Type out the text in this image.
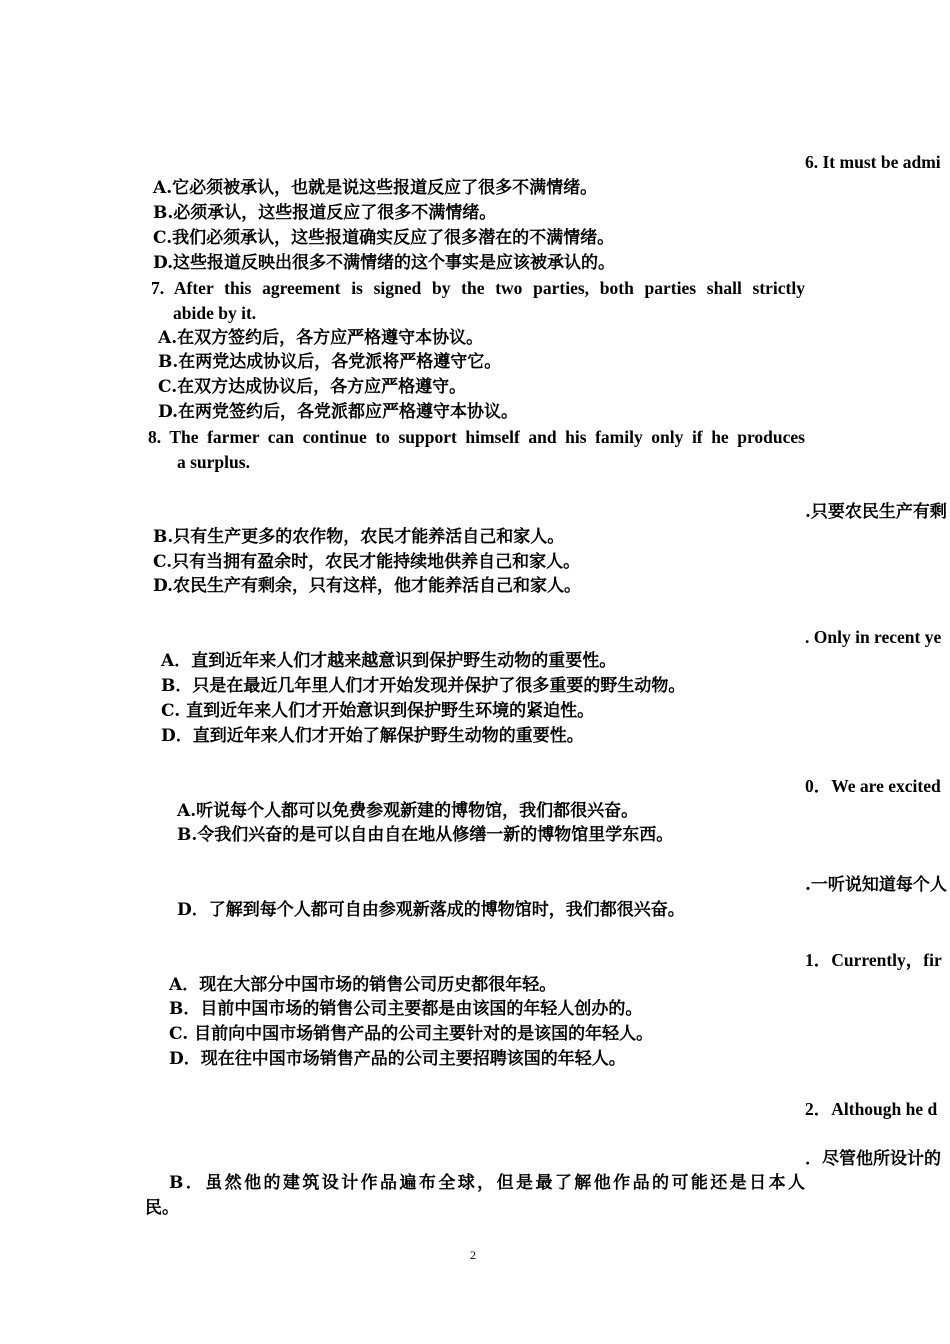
6. It must be admi
A.它必须被承认，也就是说这些报道反应了很多不满情绪。
B.必须承认，这些报道反应了很多不满情绪。
C.我们必须承认，这些报道确实反应了很多潜在的不满情绪。
D.这些报道反映出很多不满情绪的这个事实是应该被承认的。
7. After this agreement is signed by the two parties, both parties shall strictly
abide by it.
A.在双方签约后，各方应严格遵守本协议。
B.在两党达成协议后，各党派将严格遵守它。
C.在双方达成协议后，各方应严格遵守。
D.在两党签约后，各党派都应严格遵守本协议。
8. The farmer can continue to support himself and his family only if he produces
a surplus.
.只要农民生产有剩
B.只有生产更多的农作物，农民才能养活自己和家人。
C.只有当拥有盈余时，农民才能持续地供养自己和家人。
D.农民生产有剩余，只有这样，他才能养活自己和家人。
. Only in recent ye
A．直到近年来人们才越来越意识到保护野生动物的重要性。
B．只是在最近几年里人们才开始发现并保护了很多重要的野生动物。
C. 直到近年来人们才开始意识到保护野生环境的紧迫性。
D．直到近年来人们才开始了解保护野生动物的重要性。
0．We are excited
A.听说每个人都可以免费参观新建的博物馆，我们都很兴奋。
B.令我们兴奋的是可以自由自在地从修缮一新的博物馆里学东西。
.一听说知道每个人
D．了解到每个人都可自由参观新落成的博物馆时，我们都很兴奋。
1．Currently，fir
A．现在大部分中国市场的销售公司历史都很年轻。
B．目前中国市场的销售公司主要都是由该国的年轻人创办的。
C. 目前向中国市场销售产品的公司主要针对的是该国的年轻人。
D．现在往中国市场销售产品的公司主要招聘该国的年轻人。
2．Although he d
．尽管他所设计的
B．虽然他的建筑设计作品遍布全球，但是最了解他作品的可能还是日本人
民。
2
